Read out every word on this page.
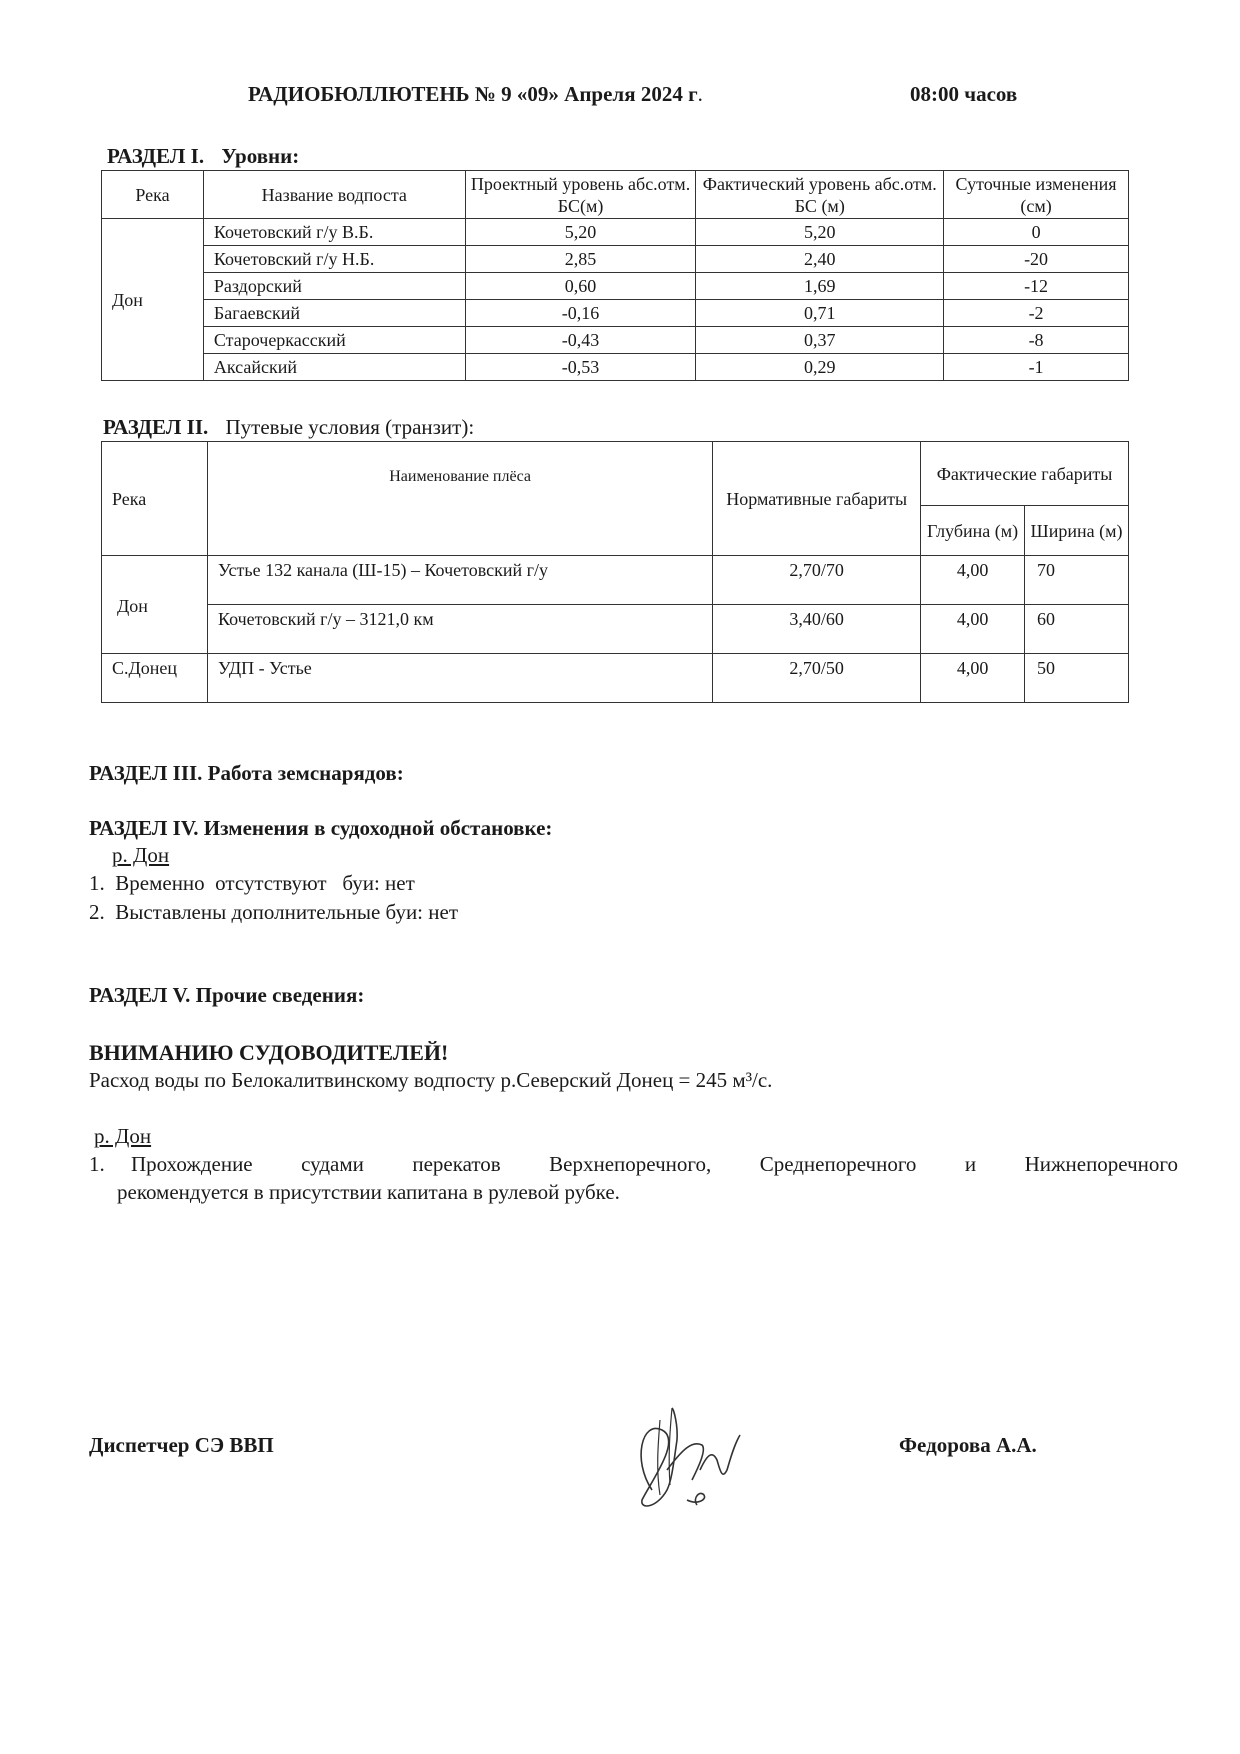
РАДИОБЮЛЛЮТЕНЬ № 9 «09» Апреля 2024 г.	08:00 часов
РАЗДЕЛ I. Уровни:
Река	Название водпоста	Проектный уровень абс.отм. БС(м)	Фактический уровень абс.отм. БС (м)	Суточные изменения (см)
Дон	Кочетовский г/у В.Б.	5,20	5,20	0
	Кочетовский г/у Н.Б.	2,85	2,40	-20
	Раздорский	0,60	1,69	-12
	Багаевский	-0,16	0,71	-2
	Старочеркасский	-0,43	0,37	-8
	Аксайский	-0,53	0,29	-1
РАЗДЕЛ II. Путевые условия (транзит):
Река	Наименование плёса	Нормативные габариты	Фактические габариты	
			Глубина (м)	Ширина (м)
Дон	Устье 132 канала (Ш-15) – Кочетовский г/у	2,70/70	4,00	70
	Кочетовский г/у – 3121,0 км	3,40/60	4,00	60
С.Донец	УДП - Устье	2,70/50	4,00	50
РАЗДЕЛ III. Работа земснарядов:
РАЗДЕЛ IV. Изменения в судоходной обстановке:
р. Дон
1.  Временно  отсутствуют   буи: нет
2.  Выставлены дополнительные буи: нет
РАЗДЕЛ V. Прочие сведения:
ВНИМАНИЮ СУДОВОДИТЕЛЕЙ!
Расход воды по Белокалитвинскому водпосту р.Северский Донец = 245 м³/с.
р. Дон
1. Прохождение судами перекатов Верхнепоречного, Среднепоречного и Нижнепоречного
рекомендуется в присутствии капитана в рулевой рубке.
Диспетчер СЭ ВВП	Федорова А.А.
